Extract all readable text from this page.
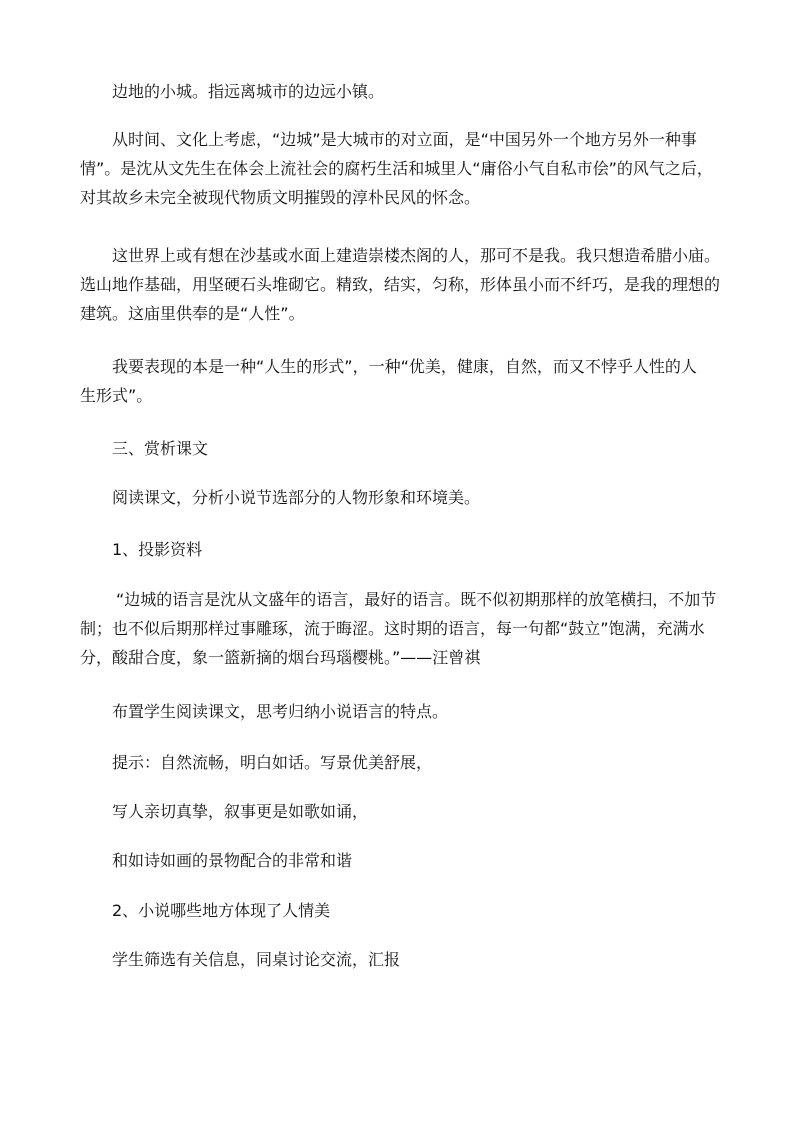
边地的小城。指远离城市的边远小镇。

从时间、文化上考虑，“边城”是大城市的对立面，是“中国另外一个地方另外一种事
情”。是沈从文先生在体会上流社会的腐朽生活和城里人“庸俗小气自私市侩”的风气之后，
对其故乡未完全被现代物质文明摧毁的淳朴民风的怀念。

这世界上或有想在沙基或水面上建造崇楼杰阁的人，那可不是我。我只想造希腊小庙。
选山地作基础，用坚硬石头堆砌它。精致，结实，匀称，形体虽小而不纤巧，是我的理想的
建筑。这庙里供奉的是“人性”。

我要表现的本是一种“人生的形式”，一种“优美，健康，自然，而又不悖乎人性的人
生形式”。

三、赏析课文

阅读课文，分析小说节选部分的人物形象和环境美。

1、投影资料

“边城的语言是沈从文盛年的语言，最好的语言。既不似初期那样的放笔横扫，不加节
制；也不似后期那样过事雕琢，流于晦涩。这时期的语言，每一句都“鼓立”饱满，充满水
分，酸甜合度，象一篮新摘的烟台玛瑙樱桃。”——汪曾祺

布置学生阅读课文，思考归纳小说语言的特点。

提示：自然流畅，明白如话。写景优美舒展，

写人亲切真挚，叙事更是如歌如诵，

和如诗如画的景物配合的非常和谐

2、小说哪些地方体现了人情美

学生筛选有关信息，同桌讨论交流，汇报
